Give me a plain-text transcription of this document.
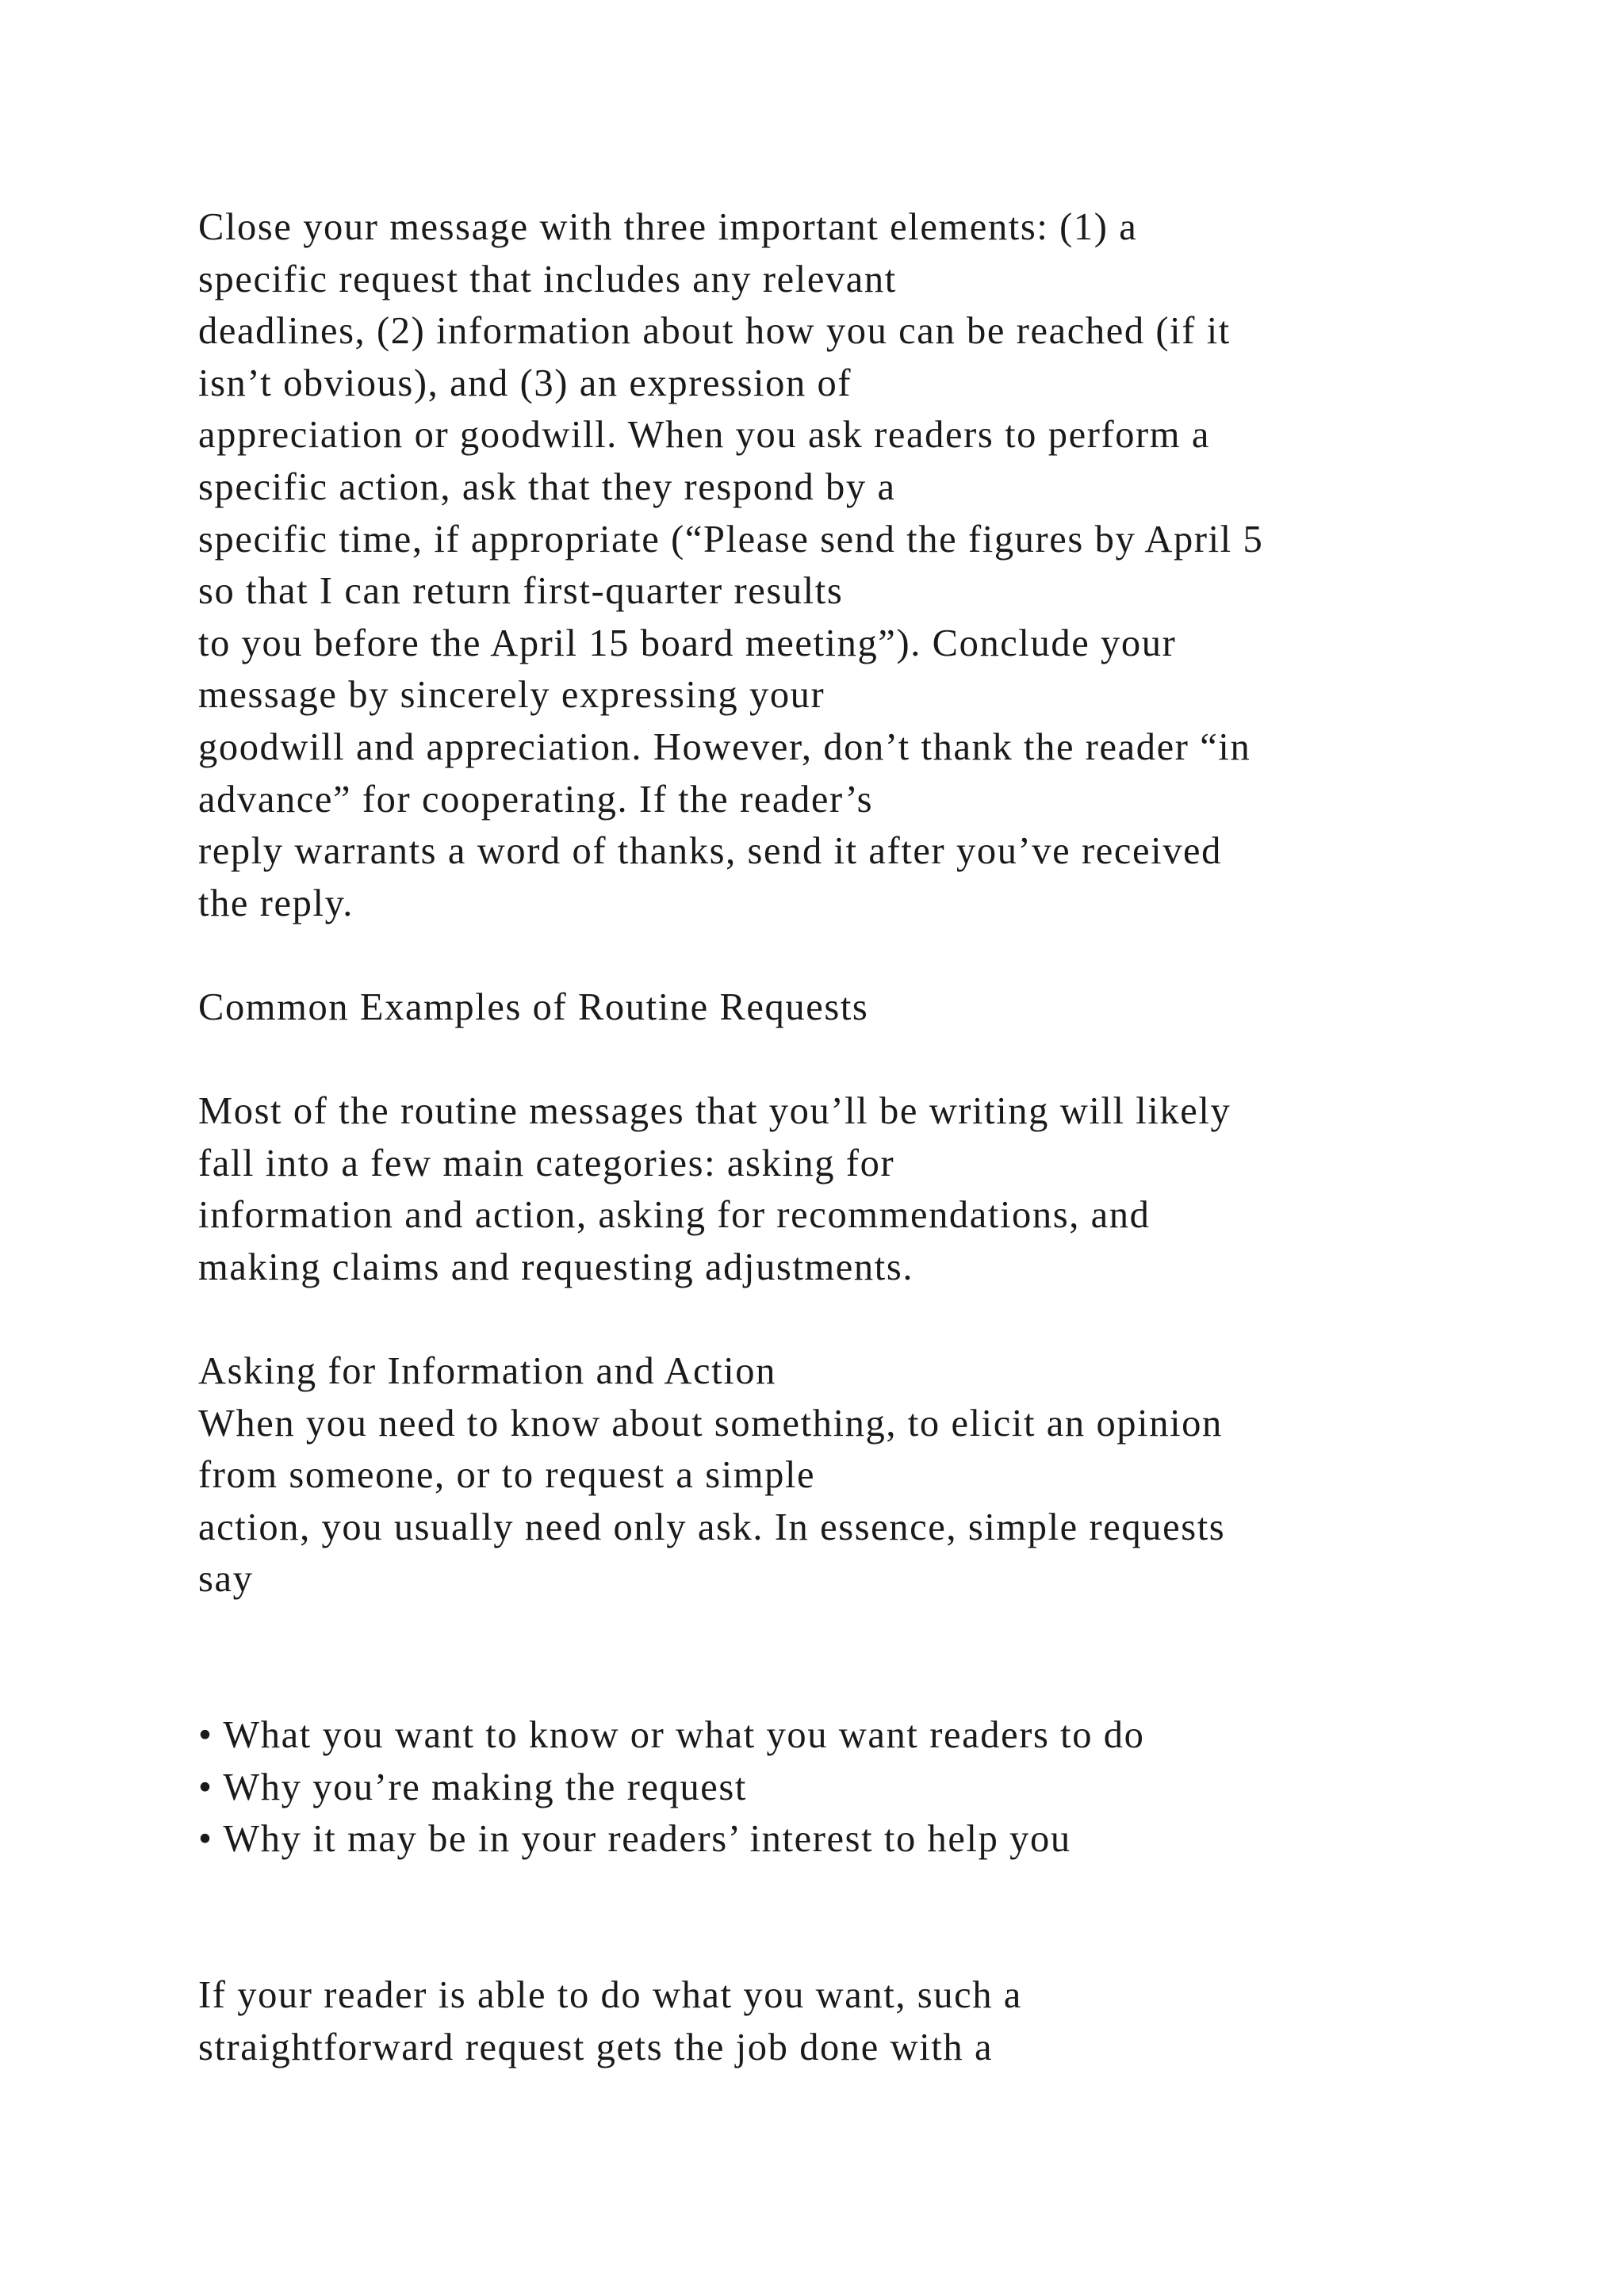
Close your message with three important elements: (1) a
specific request that includes any relevant
deadlines, (2) information about how you can be reached (if it
isn’t obvious), and (3) an expression of
appreciation or goodwill. When you ask readers to perform a
specific action, ask that they respond by a
specific time, if appropriate (“Please send the figures by April 5
so that I can return first-quarter results
to you before the April 15 board meeting”). Conclude your
message by sincerely expressing your
goodwill and appreciation. However, don’t thank the reader “in
advance” for cooperating. If the reader’s
reply warrants a word of thanks, send it after you’ve received
the reply.
Common Examples of Routine Requests
Most of the routine messages that you’ll be writing will likely
fall into a few main categories: asking for
information and action, asking for recommendations, and
making claims and requesting adjustments.
Asking for Information and Action
When you need to know about something, to elicit an opinion
from someone, or to request a simple
action, you usually need only ask. In essence, simple requests
say
• What you want to know or what you want readers to do
• Why you’re making the request
• Why it may be in your readers’ interest to help you
If your reader is able to do what you want, such a
straightforward request gets the job done with a
